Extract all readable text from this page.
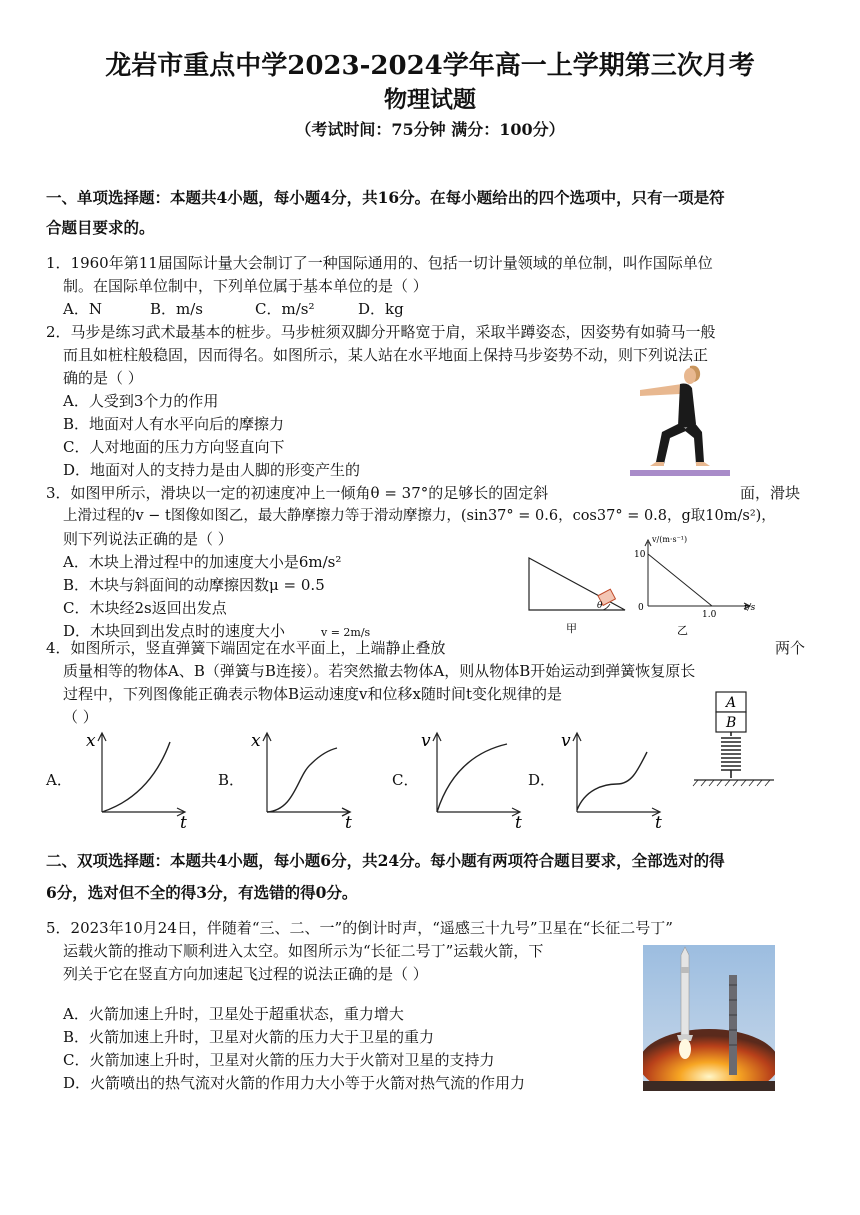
龙岩市重点中学2023-2024学年高一上学期第三次月考
物理试题
（考试时间：75分钟 满分：100分）
一、单项选择题：本题共4小题，每小题4分，共16分。在每小题给出的四个选项中，只有一项是符
合题目要求的。
1．1960年第11届国际计量大会制订了一种国际通用的、包括一切计量领域的单位制，叫作国际单位
制。在国际单位制中，下列单位属于基本单位的是（ ）
A．N	B．m/s	C．m/s²	D．kg
2．马步是练习武术最基本的桩步。马步桩须双脚分开略宽于肩，采取半蹲姿态，因姿势有如骑马一般
而且如桩柱般稳固，因而得名。如图所示，某人站在水平地面上保持马步姿势不动，则下列说法正
确的是（ ）
A．人受到3个力的作用
B．地面对人有水平向后的摩擦力
C．人对地面的压力方向竖直向下
D．地面对人的支持力是由人脚的形变产生的
3．如图甲所示，滑块以一定的初速度冲上一倾角θ = 37°的足够长的固定斜	面，滑块
上滑过程的v − t图像如图乙，最大静摩擦力等于滑动摩擦力，(sin37° = 0.6，cos37° = 0.8，g取10m/s²)，
则下列说法正确的是（ ）
A．木块上滑过程中的加速度大小是6m/s²
B．木块与斜面间的动摩擦因数μ = 0.5
C．木块经2s返回出发点
D．木块回到出发点时的速度大小	v = 2m/s
θ
甲
v/(m·s⁻¹)
10
0
1.0
t/s
乙
4．如图所示，竖直弹簧下端固定在水平面上，上端静止叠放	两个
质量相等的物体A、B（弹簧与B连接）。若突然撤去物体A，则从物体B开始运动到弹簧恢复原长
过程中，下列图像能正确表示物体B运动速度v和位移x随时间t变化规律的是
（ ）
A
B
A．
x
t
B．
x
t
C．
v
t
D．
v
t
二、双项选择题：本题共4小题，每小题6分，共24分。每小题有两项符合题目要求，全部选对的得
6分，选对但不全的得3分，有选错的得0分。
5．2023年10月24日，伴随着“三、二、一”的倒计时声，“遥感三十九号”卫星在“长征二号丁”
运载火箭的推动下顺利进入太空。如图所示为“长征二号丁”运载火箭，下
列关于它在竖直方向加速起飞过程的说法正确的是（ ）
A．火箭加速上升时，卫星处于超重状态，重力增大
B．火箭加速上升时，卫星对火箭的压力大于卫星的重力
C．火箭加速上升时，卫星对火箭的压力大于火箭对卫星的支持力
D．火箭喷出的热气流对火箭的作用力大小等于火箭对热气流的作用力
